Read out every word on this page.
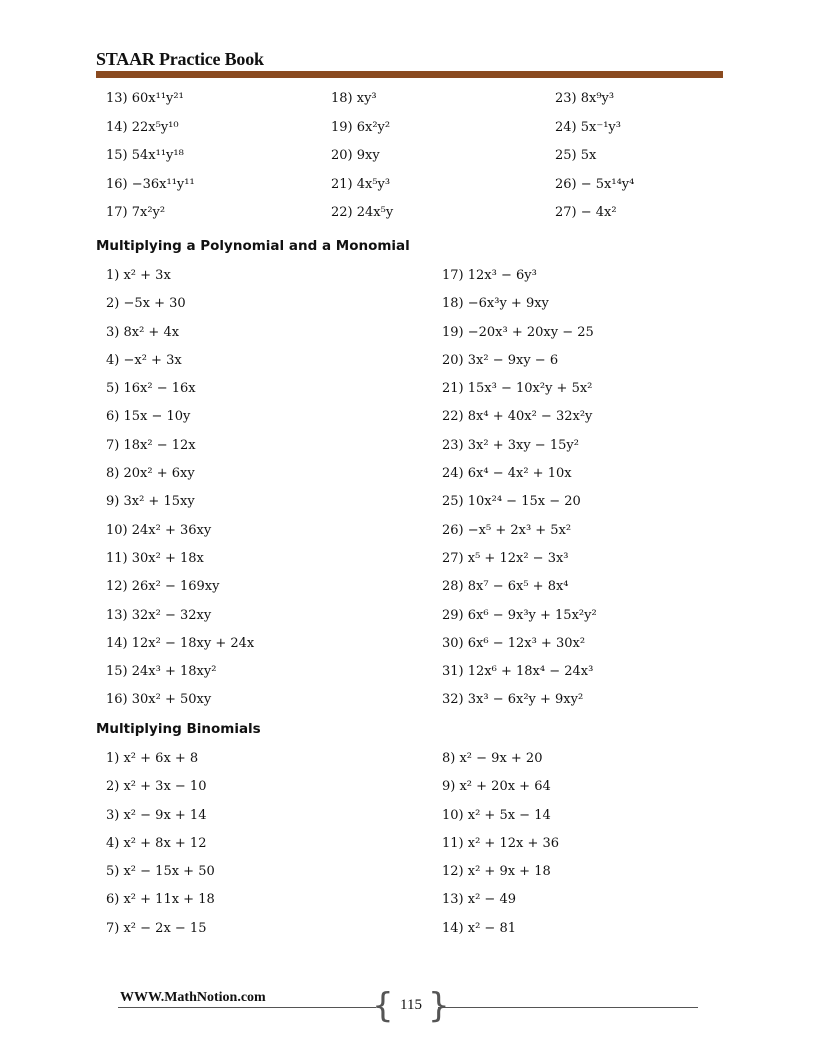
STAAR Practice Book
13) 60x¹¹y²¹	18) xy³	23) 8x⁹y³
14) 22x⁵y¹⁰	19) 6x²y²	24) 5x⁻¹y³
15) 54x¹¹y¹⁸	20) 9xy	25) 5x
16) −36x¹¹y¹¹	21) 4x⁵y³	26) − 5x¹⁴y⁴
17) 7x²y²	22) 24x⁵y	27) − 4x²
Multiplying a Polynomial and a Monomial
1) x² + 3x	17) 12x³ − 6y³
2) −5x + 30	18) −6x³y + 9xy
3) 8x² + 4x	19) −20x³ + 20xy − 25
4) −x² + 3x	20) 3x² − 9xy − 6
5) 16x² − 16x	21) 15x³ − 10x²y + 5x²
6) 15x − 10y	22) 8x⁴ + 40x² − 32x²y
7) 18x² − 12x	23) 3x² + 3xy − 15y²
8) 20x² + 6xy	24) 6x⁴ − 4x² + 10x
9) 3x² + 15xy	25) 10x²⁴ − 15x − 20
10) 24x² + 36xy	26) −x⁵ + 2x³ + 5x²
11) 30x² + 18x	27) x⁵ + 12x² − 3x³
12) 26x² − 169xy	28) 8x⁷ − 6x⁵ + 8x⁴
13) 32x² − 32xy	29) 6x⁶ − 9x³y + 15x²y²
14) 12x² − 18xy + 24x	30) 6x⁶ − 12x³ + 30x²
15) 24x³ + 18xy²	31) 12x⁶ + 18x⁴ − 24x³
16) 30x² + 50xy	32) 3x³ − 6x²y + 9xy²
Multiplying Binomials
1) x² + 6x + 8	8) x² − 9x + 20
2) x² + 3x − 10	9) x² + 20x + 64
3) x² − 9x + 14	10) x² + 5x − 14
4) x² + 8x + 12	11) x² + 12x + 36
5) x² − 15x + 50	12) x² + 9x + 18
6) x² + 11x + 18	13) x² − 49
7) x² − 2x − 15	14) x² − 81
WWW.MathNotion.com	{ }
115
